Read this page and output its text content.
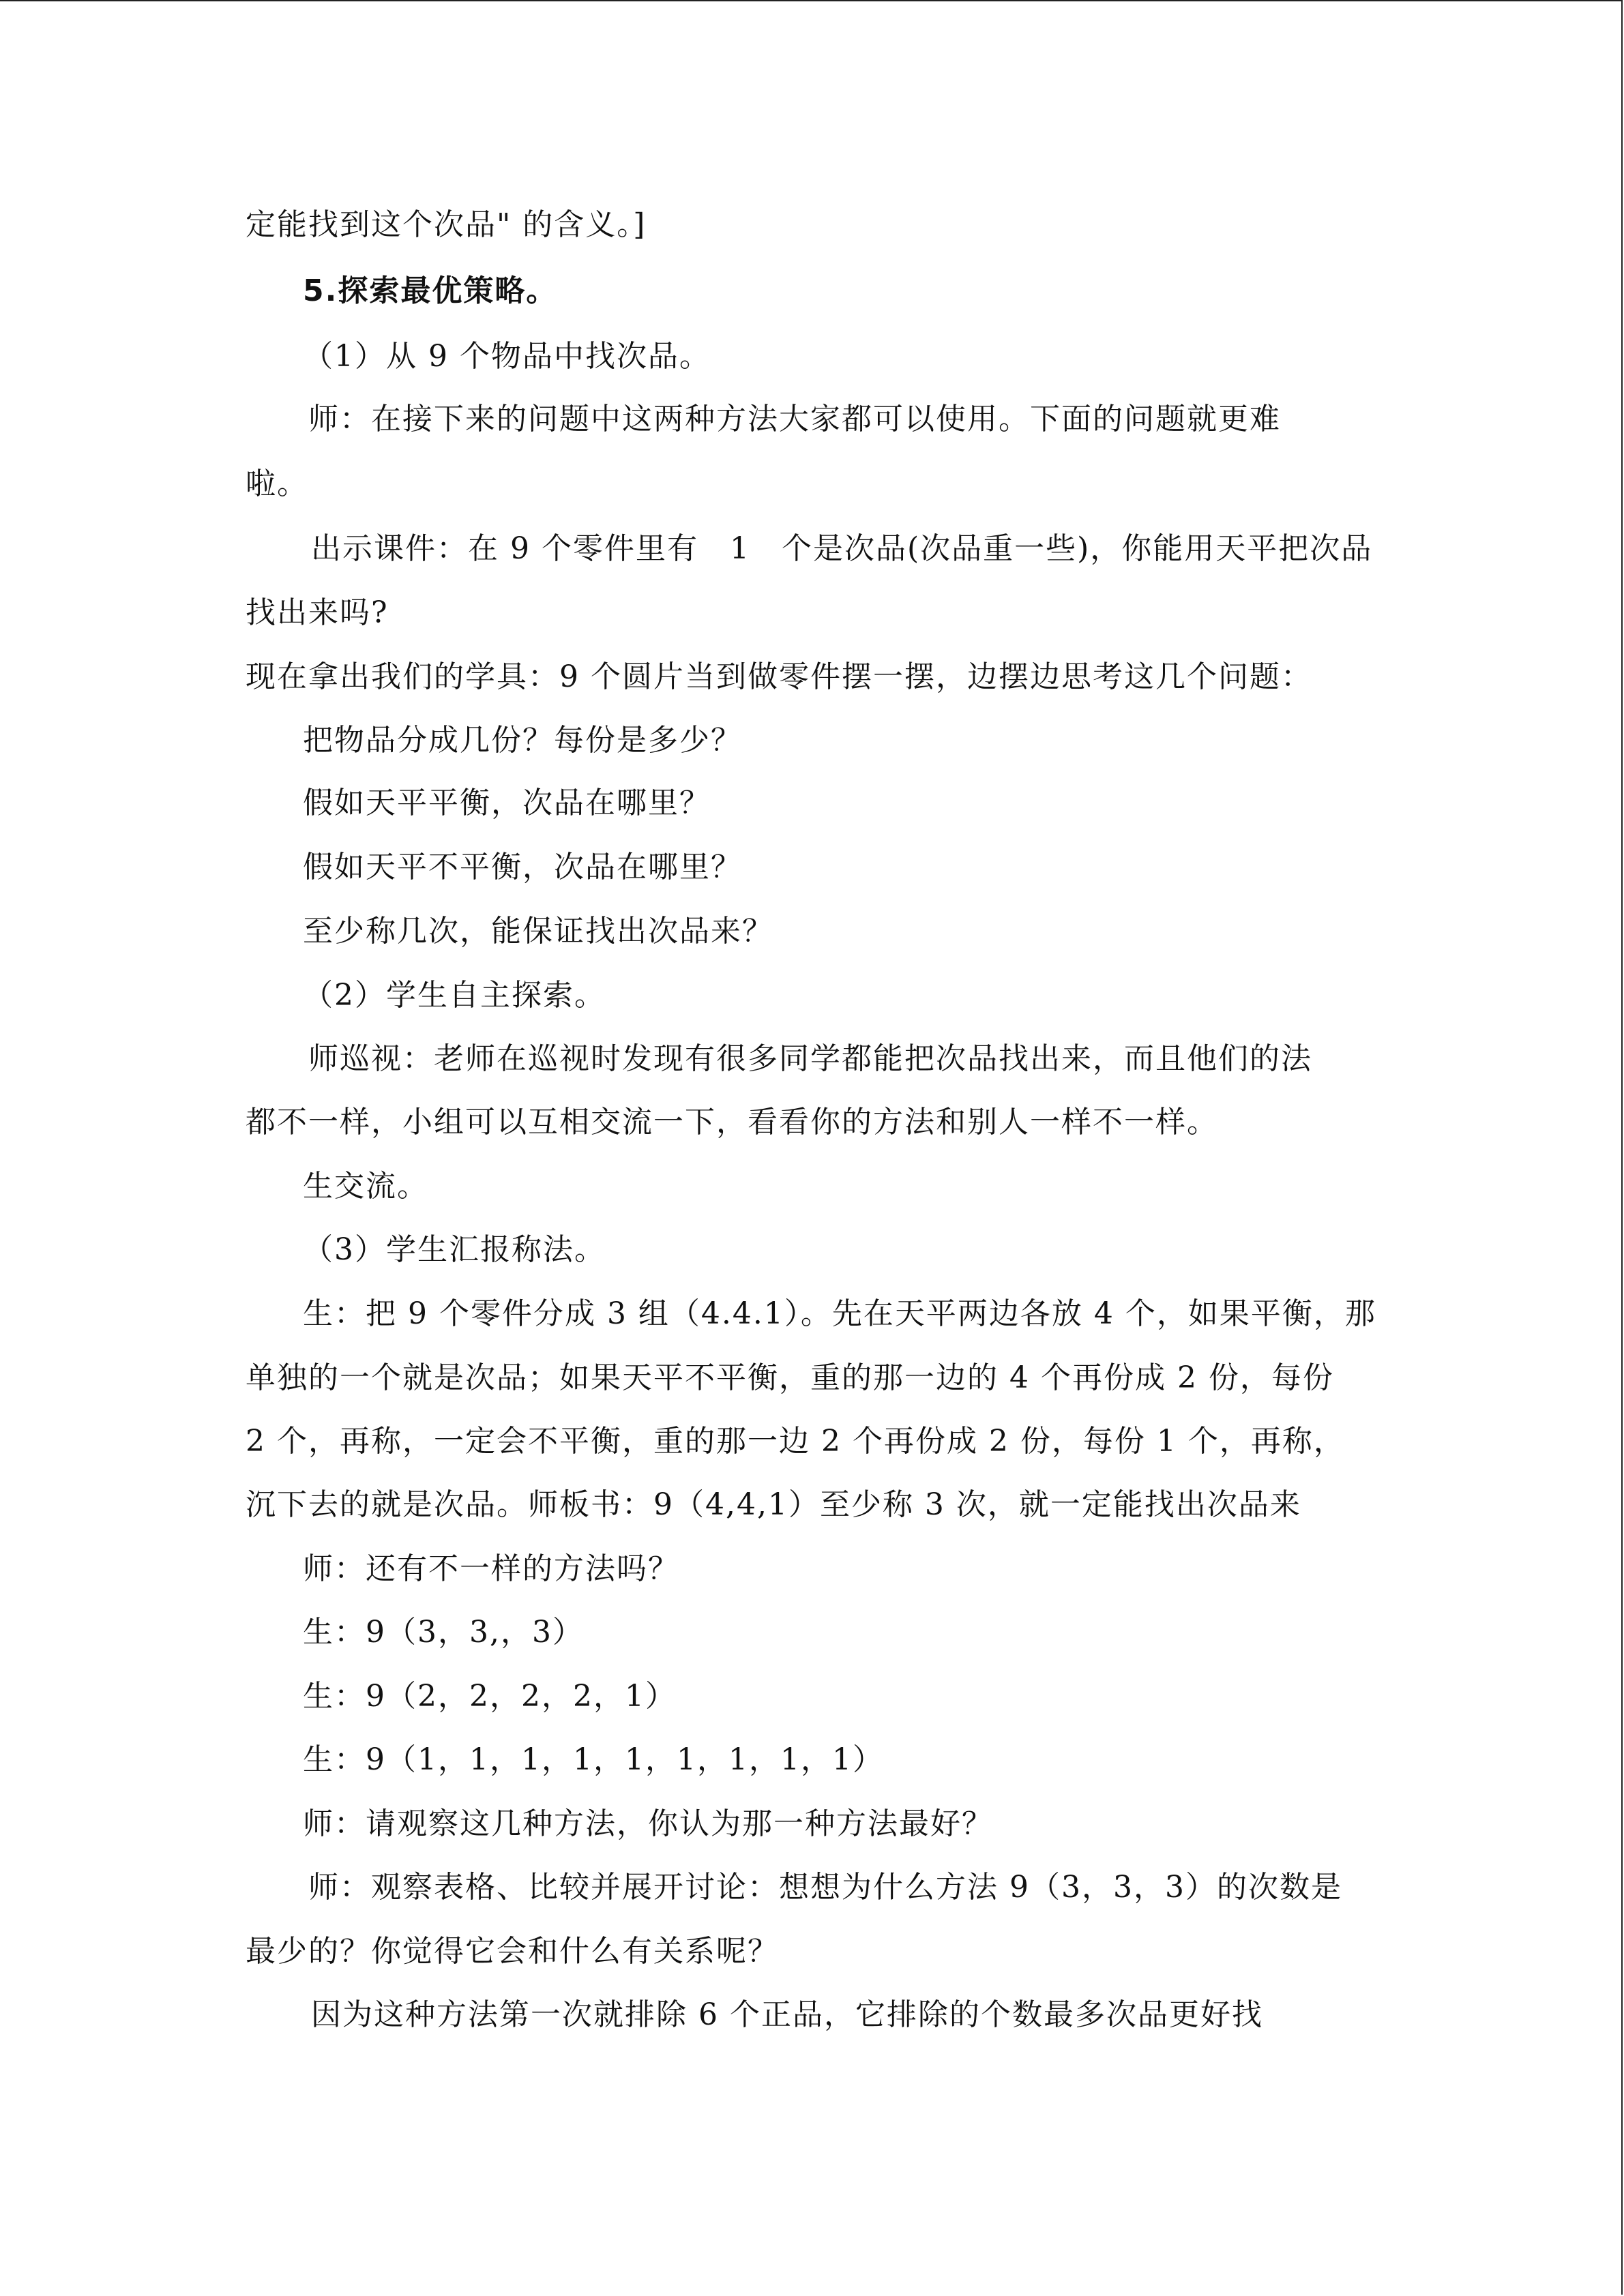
定能找到这个次品" 的含义。]
5.探索最优策略。
（1）从 9 个物品中找次品。
师：在接下来的问题中这两种方法大家都可以使用。下面的问题就更难
啦。
出示课件：在 9 个零件里有　1　个是次品(次品重一些)，你能用天平把次品
找出来吗?
现在拿出我们的学具：9 个圆片当到做零件摆一摆，边摆边思考这几个问题：
把物品分成几份？每份是多少？
假如天平平衡，次品在哪里？
假如天平不平衡，次品在哪里？
至少称几次，能保证找出次品来？
（2）学生自主探索。
师巡视：老师在巡视时发现有很多同学都能把次品找出来，而且他们的法
都不一样，小组可以互相交流一下，看看你的方法和别人一样不一样。
生交流。
（3）学生汇报称法。
生：把 9 个零件分成 3 组（4.4.1）。先在天平两边各放 4 个，如果平衡，那
单独的一个就是次品；如果天平不平衡，重的那一边的 4 个再份成 2 份，每份
2 个，再称，一定会不平衡，重的那一边 2 个再份成 2 份，每份 1 个，再称，
沉下去的就是次品。师板书：9（4,4,1）至少称 3 次，就一定能找出次品来
师：还有不一样的方法吗？
生：9（3，3,，3）
生：9（2，2，2，2，1）
生：9（1，1，1，1，1，1，1，1，1）
师：请观察这几种方法，你认为那一种方法最好？
师：观察表格、比较并展开讨论：想想为什么方法 9（3，3，3）的次数是
最少的？你觉得它会和什么有关系呢？
因为这种方法第一次就排除 6 个正品，它排除的个数最多次品更好找
